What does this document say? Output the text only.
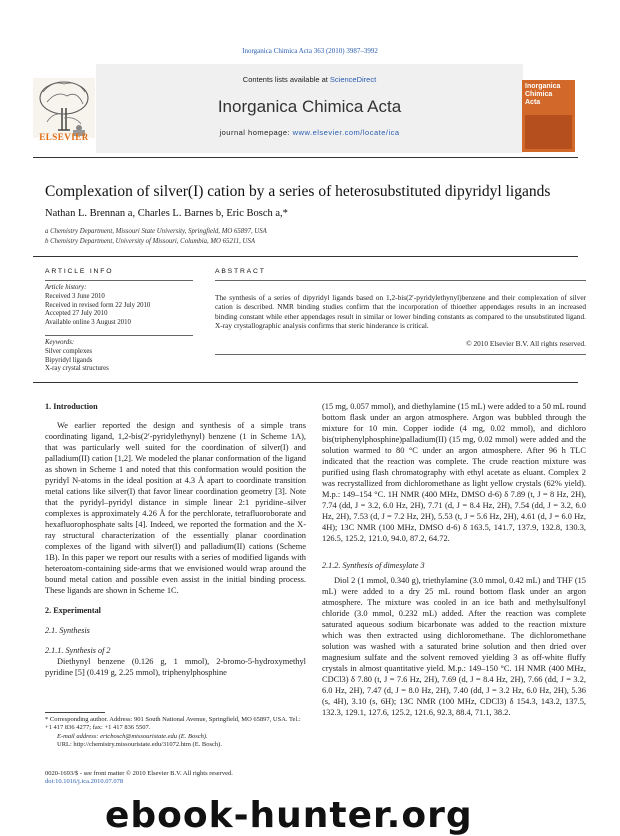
Inorganica Chimica Acta 363 (2010) 3987–3992
ELSEVIER
Contents lists available at ScienceDirect
Inorganica Chimica Acta
journal homepage: www.elsevier.com/locate/ica
Inorganica
Chimica
Acta
Complexation of silver(I) cation by a series of heterosubstituted dipyridyl ligands
Nathan L. Brennan a, Charles L. Barnes b, Eric Bosch a,*
a Chemistry Department, Missouri State University, Springfield, MO 65897, USA
b Chemistry Department, University of Missouri, Columbia, MO 65211, USA
ARTICLE INFO
Article history:
Received 3 June 2010
Received in revised form 22 July 2010
Accepted 27 July 2010
Available online 3 August 2010
Keywords:
Silver complexes
Bipyridyl ligands
X-ray crystal structures
ABSTRACT
The synthesis of a series of dipyridyl ligands based on 1,2-bis(2′-pyridylethynyl)benzene and their complexation of silver cation is described. NMR binding studies confirm that the incorporation of thioether appendages results in an increased binding constant while ether appendages result in similar or lower binding constants as compared to the unsubstituted ligand. X-ray crystallographic analysis confirms that steric hinderance is critical.
© 2010 Elsevier B.V. All rights reserved.
1. Introduction
We earlier reported the design and synthesis of a simple trans coordinating ligand, 1,2-bis(2′-pyridylethynyl) benzene (1 in Scheme 1A), that was particularly well suited for the coordination of silver(I) and palladium(II) cation [1,2]. We modeled the planar conformation of the ligand as shown in Scheme 1 and noted that this conformation would position the pyridyl N-atoms in the ideal position at 4.3 Å apart to coordinate transition metal cations like silver(I) that favor linear coordination geometry [3]. Note that the pyridyl–pyridyl distance in simple linear 2:1 pyridine–silver complexes is approximately 4.26 Å for the perchlorate, tetrafluoroborate and hexafluorophosphate salts [4]. Indeed, we reported the formation and the X-ray structural characterization of the essentially planar coordination complexes of the ligand with silver(I) and palladium(II) cations (Scheme 1B). In this paper we report our results with a series of modified ligands with heteroatom-containing side-arms that we envisioned would wrap around the bound metal cation and possible even assist in the initial binding process. These ligands are shown in Scheme 1C.
2. Experimental
2.1. Synthesis
2.1.1. Synthesis of 2
Diethynyl benzene (0.126 g, 1 mmol), 2-bromo-5-hydroxymethyl pyridine [5] (0.419 g, 2.25 mmol), triphenylphosphine
* Corresponding author. Address: 901 South National Avenue, Springfield, MO 65897, USA. Tel.: +1 417 836 4277; fax: +1 417 836 5507.
E-mail address: ericbosch@missouristate.edu (E. Bosch).
URL: http://chemistry.missouristate.edu/31072.htm (E. Bosch).
0020-1693/$ - see front matter © 2010 Elsevier B.V. All rights reserved.
doi:10.1016/j.ica.2010.07.078
(15 mg, 0.057 mmol), and diethylamine (15 mL) were added to a 50 mL round bottom flask under an argon atmosphere. Argon was bubbled through the mixture for 10 min. Copper iodide (4 mg, 0.02 mmol), and dichloro bis(triphenylphosphine)palladium(II) (15 mg, 0.02 mmol) were added and the solution warmed to 80 °C under an argon atmosphere. After 96 h TLC indicated that the reaction was complete. The crude reaction mixture was purified using flash chromatography with ethyl acetate as eluant. Complex 2 was recrystallized from dichloromethane as light yellow crystals (62% yield). M.p.: 149–154 °C. 1H NMR (400 MHz, DMSO d-6) δ 7.89 (t, J = 8 Hz, 2H), 7.74 (dd, J = 3.2, 6.0 Hz, 2H), 7.71 (d, J = 8.4 Hz, 2H), 7.54 (dd, J = 3.2, 6.0 Hz, 2H), 7.53 (d, J = 7.2 Hz, 2H), 5.53 (t, J = 5.6 Hz, 2H), 4.61 (d, J = 6.0 Hz, 4H); 13C NMR (100 MHz, DMSO d-6) δ 163.5, 141.7, 137.9, 132.8, 130.3, 126.5, 125.2, 121.0, 94.0, 87.2, 64.72.
2.1.2. Synthesis of dimesylate 3
Diol 2 (1 mmol, 0.340 g), triethylamine (3.0 mmol, 0.42 mL) and THF (15 mL) were added to a dry 25 mL round bottom flask under an argon atmosphere. The mixture was cooled in an ice bath and methylsulfonyl chloride (3.0 mmol, 0.232 mL) added. After the reaction was complete saturated aqueous sodium bicarbonate was added to the reaction mixture which was then extracted using dichloromethane. The dichloromethane solution was washed with a saturated brine solution and then dried over magnesium sulfate and the solvent removed yielding 3 as off-white fluffy crystals in almost quantitative yield. M.p.: 149–150 °C. 1H NMR (400 MHz, CDCl3) δ 7.80 (t, J = 7.6 Hz, 2H), 7.69 (d, J = 8.4 Hz, 2H), 7.66 (dd, J = 3.2, 6.0 Hz, 2H), 7.47 (d, J = 8.0 Hz, 2H), 7.40 (dd, J = 3.2 Hz, 6.0 Hz, 2H), 5.36 (s, 4H), 3.10 (s, 6H); 13C NMR (100 MHz, CDCl3) δ 154.3, 143.2, 137.5, 132.3, 129.1, 127.6, 125.2, 121.6, 92.3, 88.4, 71.1, 38.2.
ebook-hunter.org
